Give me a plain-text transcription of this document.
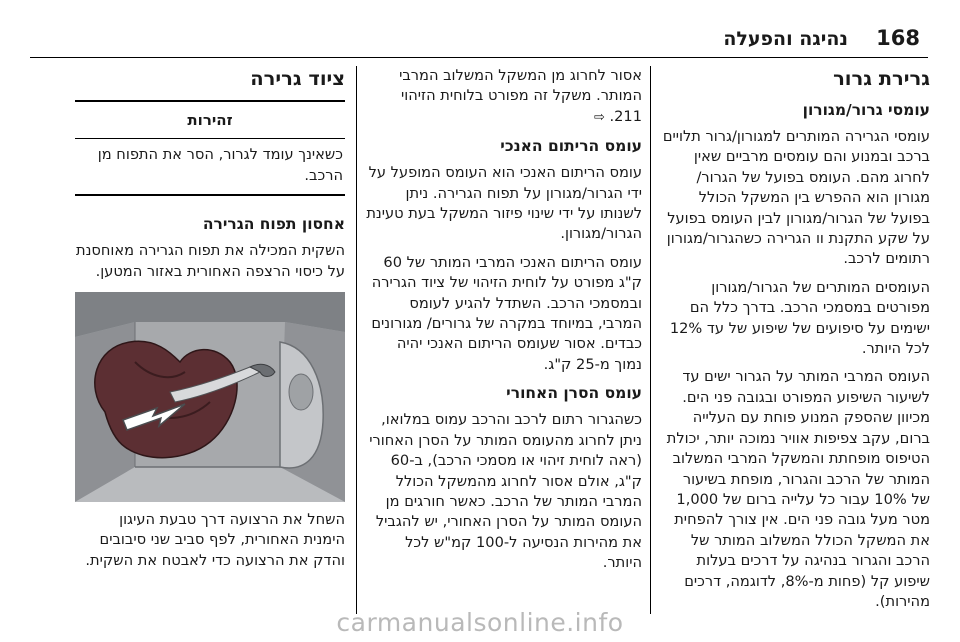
168
נהיגה והפעלה
גרירת גרור
עומסי גרור/מגורון

עומסי הגרירה המותרים למגורון/גרור תלויים ברכב ובמנוע והם עומסים מרביים שאין לחרוג מהם. העומס בפועל של הגרור/ מגורון הוא ההפרש בין המשקל הכולל בפועל של הגרור/מגורון לבין העומס בפועל על שקע התקנת וו הגרירה כשהגרור/מגורון רתומים לרכב.

העומסים המותרים של הגרור/מגורון מפורטים במסמכי הרכב. בדרך כלל הם ישימים על סיפועים של שיפוע של עד 12% לכל היותר.

העומס המרבי המותר על הגרור ישים עד לשיעור השיפוע המפורט ובגובה פני הים. מכיוון שהספק המנוע פוחת עם העלייה ברום, עקב צפיפות אוויר נמוכה יותר, יכולת הטיפוס מופחתת והמשקל המרבי המשלוב המותר של הרכב והגרור, מופחת בשיעור של 10% עבור כל עלייה ברום של 1,000 מטר מעל גובה פני הים. אין צורך להפחית את המשקל הכולל המשלוב המותר של הרכב והגרור בנהיגה על דרכים בעלות שיפוע קל (פחות מ-8%, לדוגמה, דרכים מהירות).

אסור לחרוג מן המשקל המשלוב המרבי המותר. משקל זה מפורט בלוחית הזיהוי 211. ⇨

עומס הריתום האנכי

עומס הריתום האנכי הוא העומס המופעל על ידי הגרור/מגורון על תפוח הגרירה. ניתן לשנותו על ידי שינוי פיזור המשקל בעת טעינת הגרור/מגורון.

עומס הריתום האנכי המרבי המותר של 60 ק"ג מפורט על לוחית הזיהוי של ציוד הגרירה ובמסמכי הרכב. השתדל להגיע לעומס המרבי, במיוחד במקרה של גרורים/ מגורונים כבדים. אסור שעומס הריתום האנכי יהיה נמוך מ-25 ק"ג.

עומס הסרן האחורי

כשהגרור רתום לרכב והרכב עמוס במלואו, ניתן לחרוג מהעומס המותר על הסרן האחורי (ראה לוחית זיהוי או מסמכי הרכב), ב-60 ק"ג, אולם אסור לחרוג מהמשקל הכולל המרבי המותר של הרכב. כאשר חורגים מן העומס המותר על הסרן האחורי, יש להגביל את מהירות הנסיעה ל-100 קמ"ש לכל היותר.

ציוד גרירה
זהירות
כשאינך עומד לגרור, הסר את התפוח מן הרכב.
אחסון תפוח הגרירה

השקית המכילה את תפוח הגרירה מאוחסנת על כיסוי הרצפה האחורית באזור המטען.

השחל את הרצועה דרך טבעת העיגון הימנית האחורית, לפף סביב שני סיבובים והדק את הרצועה כדי לאבטח את השקית.

carmanualsonline.info
